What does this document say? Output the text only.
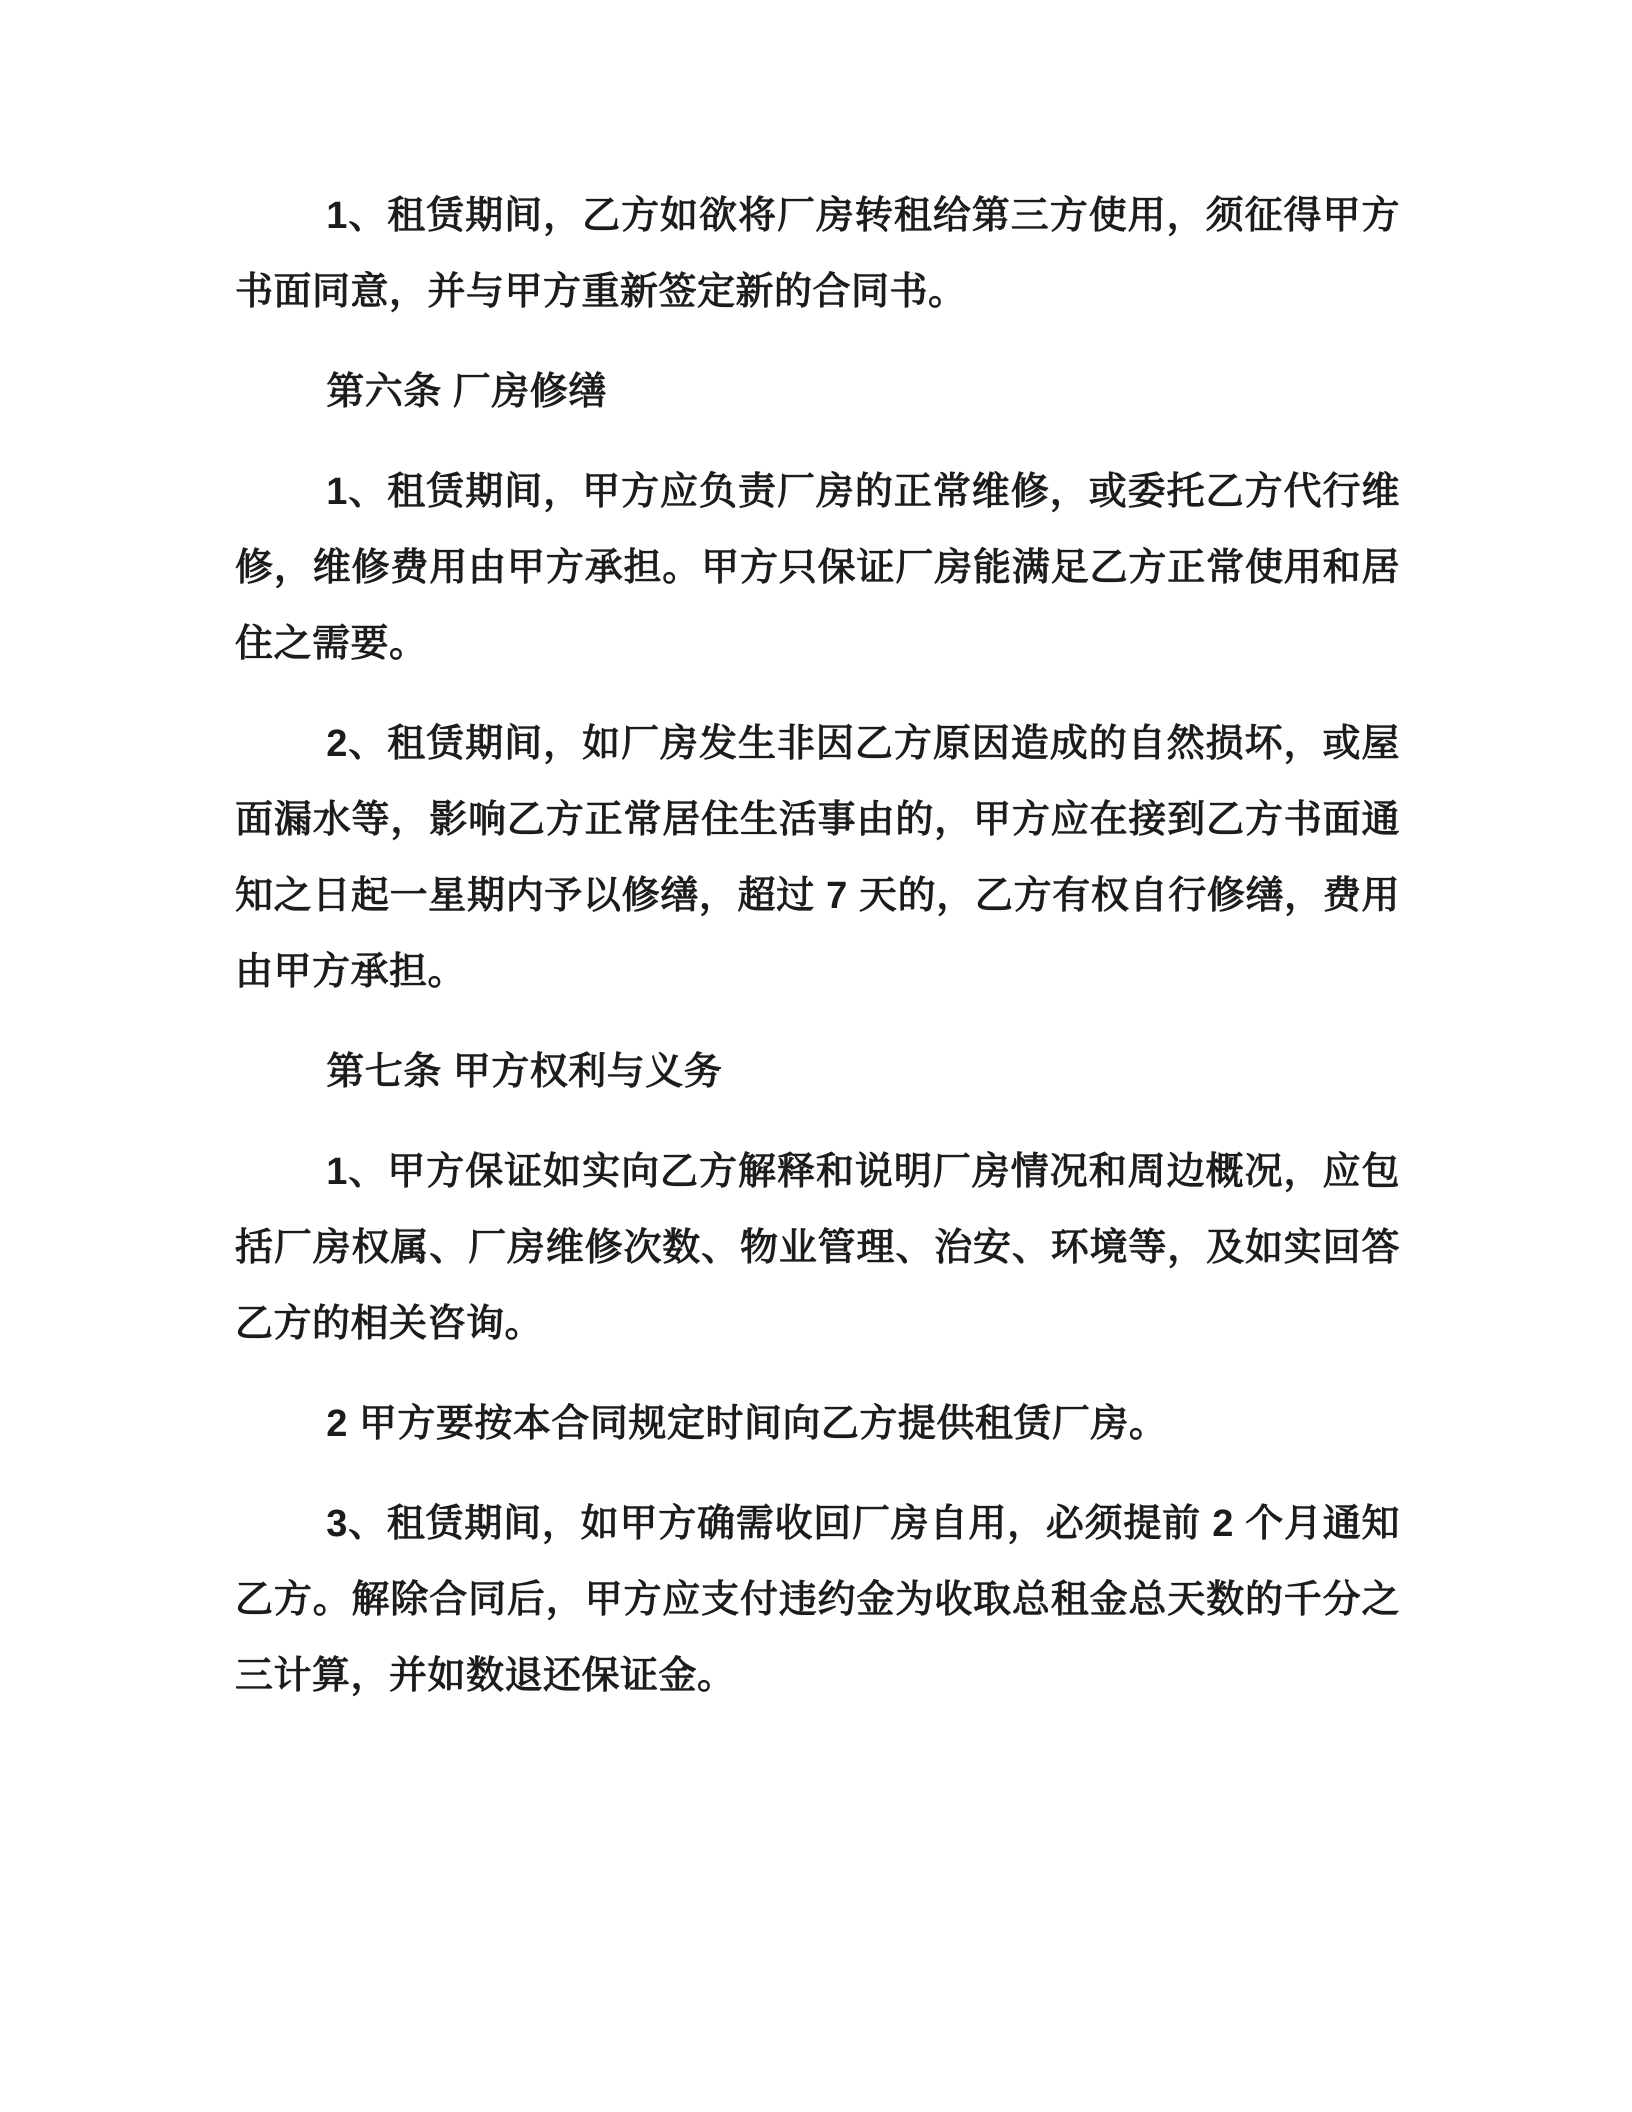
1、租赁期间，乙方如欲将厂房转租给第三方使用，须征得甲方书面同意，并与甲方重新签定新的合同书。

第六条 厂房修缮

1、租赁期间，甲方应负责厂房的正常维修，或委托乙方代行维修，维修费用由甲方承担。甲方只保证厂房能满足乙方正常使用和居住之需要。

2、租赁期间，如厂房发生非因乙方原因造成的自然损坏，或屋面漏水等，影响乙方正常居住生活事由的，甲方应在接到乙方书面通知之日起一星期内予以修缮，超过 7 天的，乙方有权自行修缮，费用由甲方承担。

第七条 甲方权利与义务

1、甲方保证如实向乙方解释和说明厂房情况和周边概况，应包括厂房权属、厂房维修次数、物业管理、治安、环境等，及如实回答乙方的相关咨询。

2 甲方要按本合同规定时间向乙方提供租赁厂房。

3、租赁期间，如甲方确需收回厂房自用，必须提前 2 个月通知乙方。解除合同后，甲方应支付违约金为收取总租金总天数的千分之三计算，并如数退还保证金。
